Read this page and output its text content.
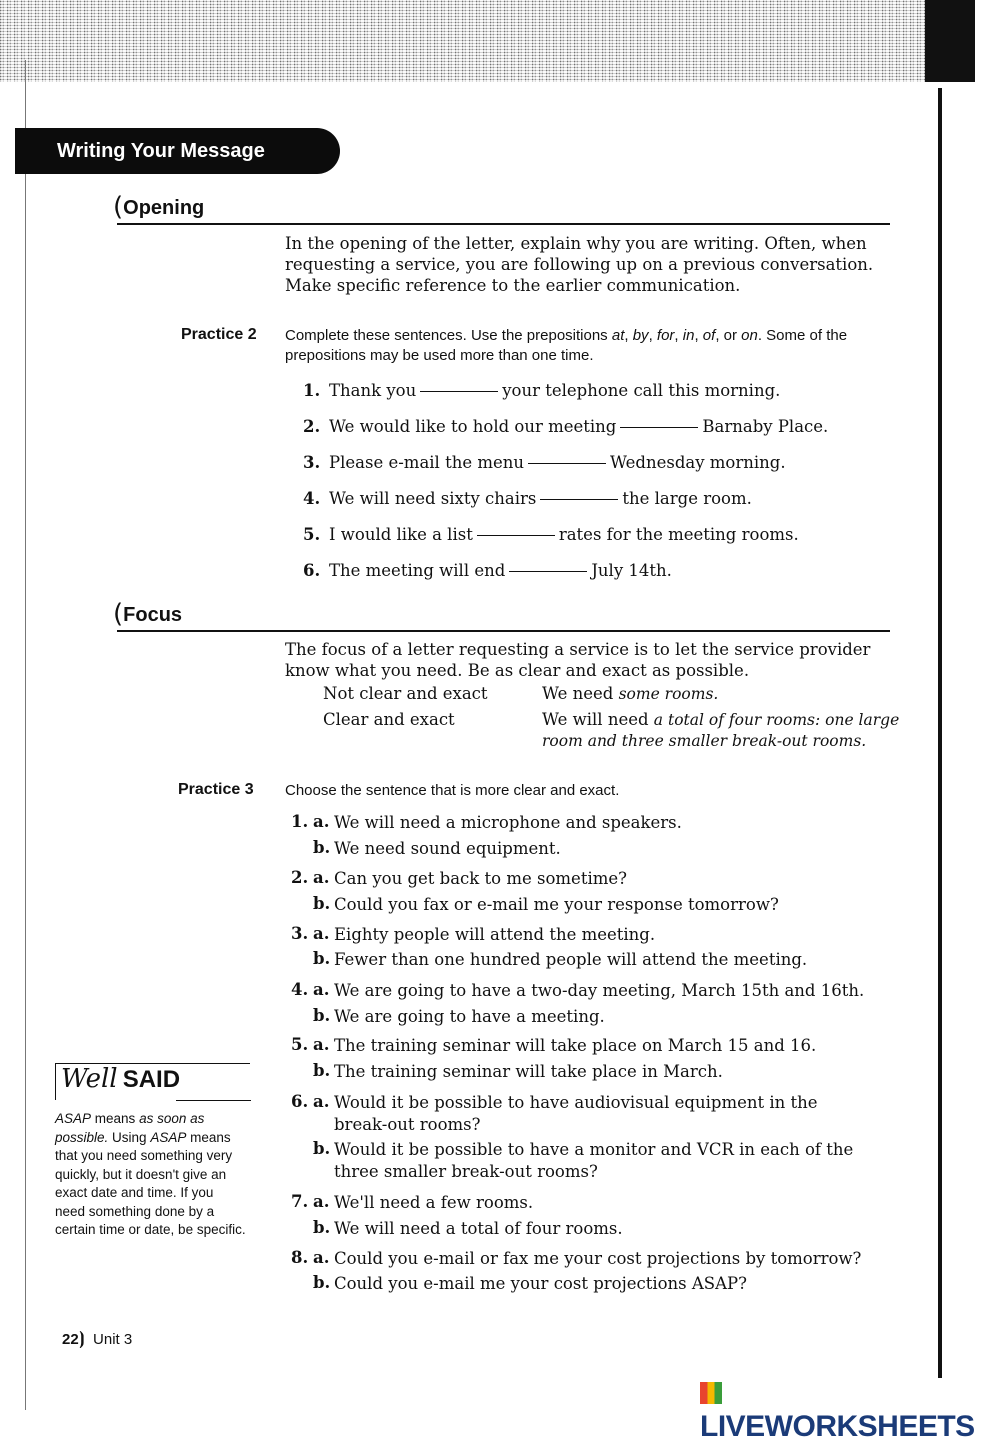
Writing Your Message
(Opening
In the opening of the letter, explain why you are writing. Often, when requesting a service, you are following up on a previous conversation. Make specific reference to the earlier communication.
Practice 2 Complete these sentences. Use the prepositions at, by, for, in, of, or on. Some of the prepositions may be used more than one time.
1. Thank you	your telephone call this morning.
2. We would like to hold our meeting	Barnaby Place.
3. Please e-mail the menu	Wednesday morning.
4. We will need sixty chairs	the large room.
5. I would like a list	rates for the meeting rooms.
6. The meeting will end	July 14th.
(Focus
The focus of a letter requesting a service is to let the service provider know what you need. Be as clear and exact as possible.
Not clear and exact	We need some rooms.
Clear and exact	We will need a total of four rooms: one large
room and three smaller break-out rooms.
Practice 3 Choose the sentence that is more clear and exact.
1. a. We will need a microphone and speakers.
b. We need sound equipment.
2. a. Can you get back to me sometime?
b. Could you fax or e-mail me your response tomorrow?
3. a. Eighty people will attend the meeting.
b. Fewer than one hundred people will attend the meeting.
4. a. We are going to have a two-day meeting, March 15th and 16th.
b. We are going to have a meeting.
5. a. The training seminar will take place on March 15 and 16.
b. The training seminar will take place in March.
6. a. Would it be possible to have audiovisual equipment in the break-out rooms?
b. Would it be possible to have a monitor and VCR in each of the three smaller break-out rooms?
7. a. We'll need a few rooms.
b. We will need a total of four rooms.
8. a. Could you e-mail or fax me your cost projections by tomorrow?
b. Could you e-mail me your cost projections ASAP?
Well SAID
ASAP means as soon as possible. Using ASAP means that you need something very quickly, but it doesn't give an exact date and time. If you need something done by a certain time or date, be specific.
22⦘ Unit 3
LIVEWORKSHEETS
